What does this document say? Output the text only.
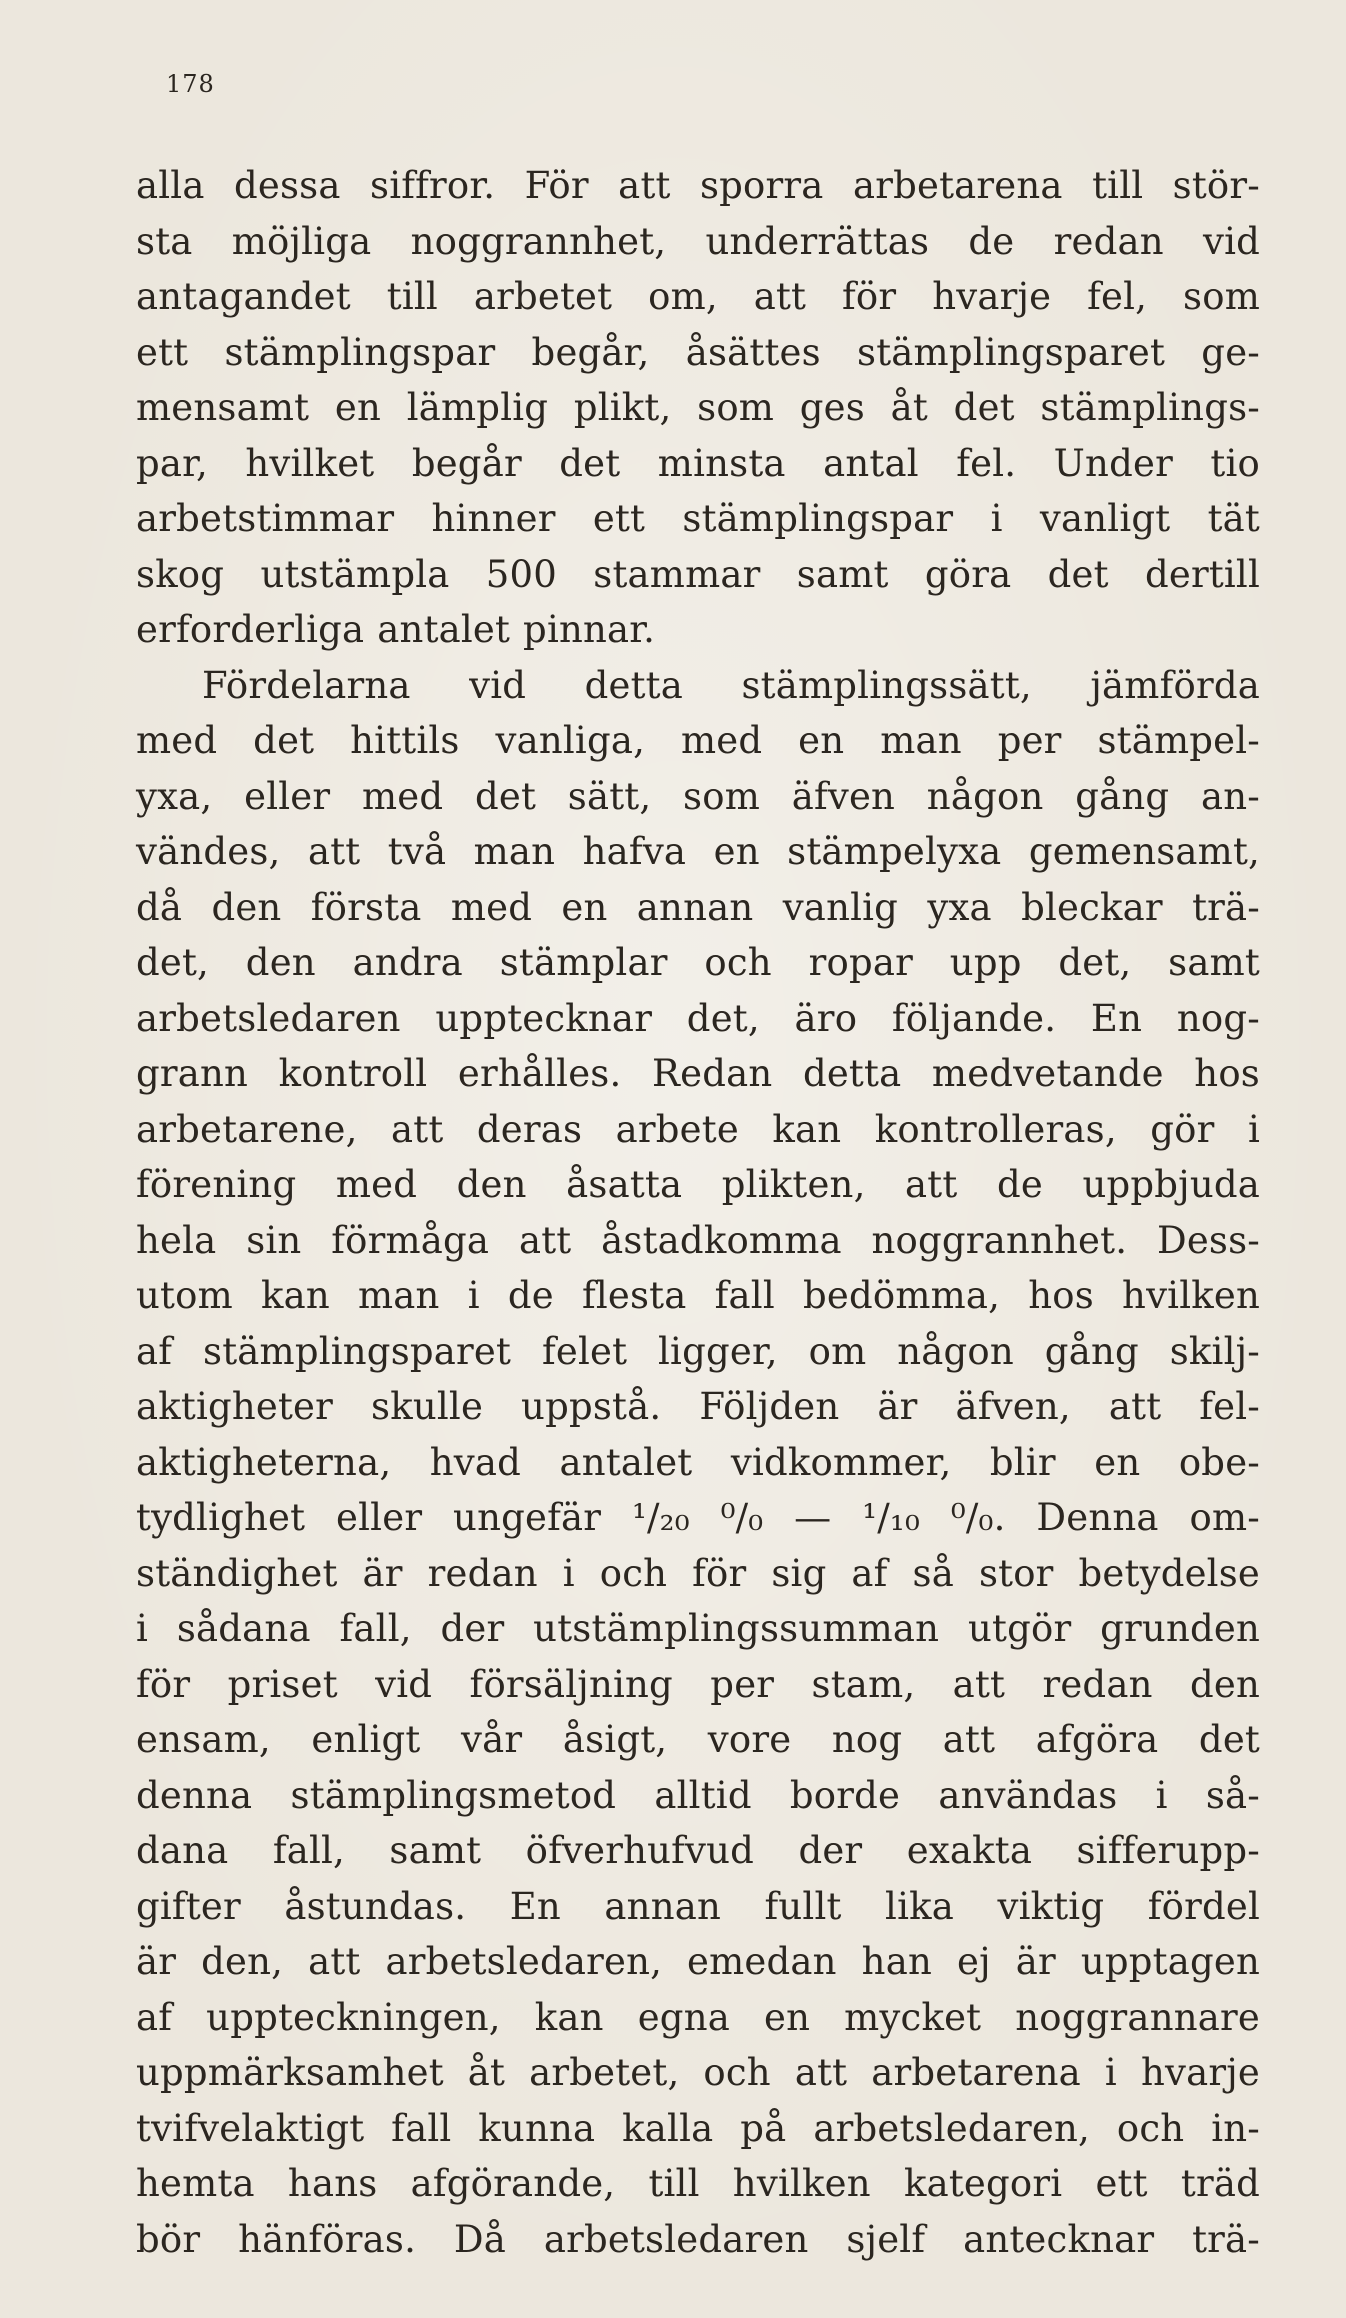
178
alla dessa siffror. För att sporra arbetarena till stör-
sta möjliga noggrannhet, underrättas de redan vid
antagandet till arbetet om, att för hvarje fel, som
ett stämplingspar begår, åsättes stämplingsparet ge-
mensamt en lämplig plikt, som ges åt det stämplings-
par, hvilket begår det minsta antal fel. Under tio
arbetstimmar hinner ett stämplingspar i vanligt tät
skog utstämpla 500 stammar samt göra det dertill
erforderliga antalet pinnar.
Fördelarna vid detta stämplingssätt, jämförda
med det hittils vanliga, med en man per stämpel-
yxa, eller med det sätt, som äfven någon gång an-
vändes, att två man hafva en stämpelyxa gemensamt,
då den första med en annan vanlig yxa bleckar trä-
det, den andra stämplar och ropar upp det, samt
arbetsledaren upptecknar det, äro följande. En nog-
grann kontroll erhålles. Redan detta medvetande hos
arbetarene, att deras arbete kan kontrolleras, gör i
förening med den åsatta plikten, att de uppbjuda
hela sin förmåga att åstadkomma noggrannhet. Dess-
utom kan man i de flesta fall bedömma, hos hvilken
af stämplingsparet felet ligger, om någon gång skilj-
aktigheter skulle uppstå. Följden är äfven, att fel-
aktigheterna, hvad antalet vidkommer, blir en obe-
tydlighet eller ungefär ¹/₂₀ ⁰/₀ — ¹/₁₀ ⁰/₀. Denna om-
ständighet är redan i och för sig af så stor betydelse
i sådana fall, der utstämplingssumman utgör grunden
för priset vid försäljning per stam, att redan den
ensam, enligt vår åsigt, vore nog att afgöra det
denna stämplingsmetod alltid borde användas i så-
dana fall, samt öfverhufvud der exakta sifferupp-
gifter åstundas. En annan fullt lika viktig fördel
är den, att arbetsledaren, emedan han ej är upptagen
af uppteckningen, kan egna en mycket noggrannare
uppmärksamhet åt arbetet, och att arbetarena i hvarje
tvifvelaktigt fall kunna kalla på arbetsledaren, och in-
hemta hans afgörande, till hvilken kategori ett träd
bör hänföras. Då arbetsledaren sjelf antecknar trä-
